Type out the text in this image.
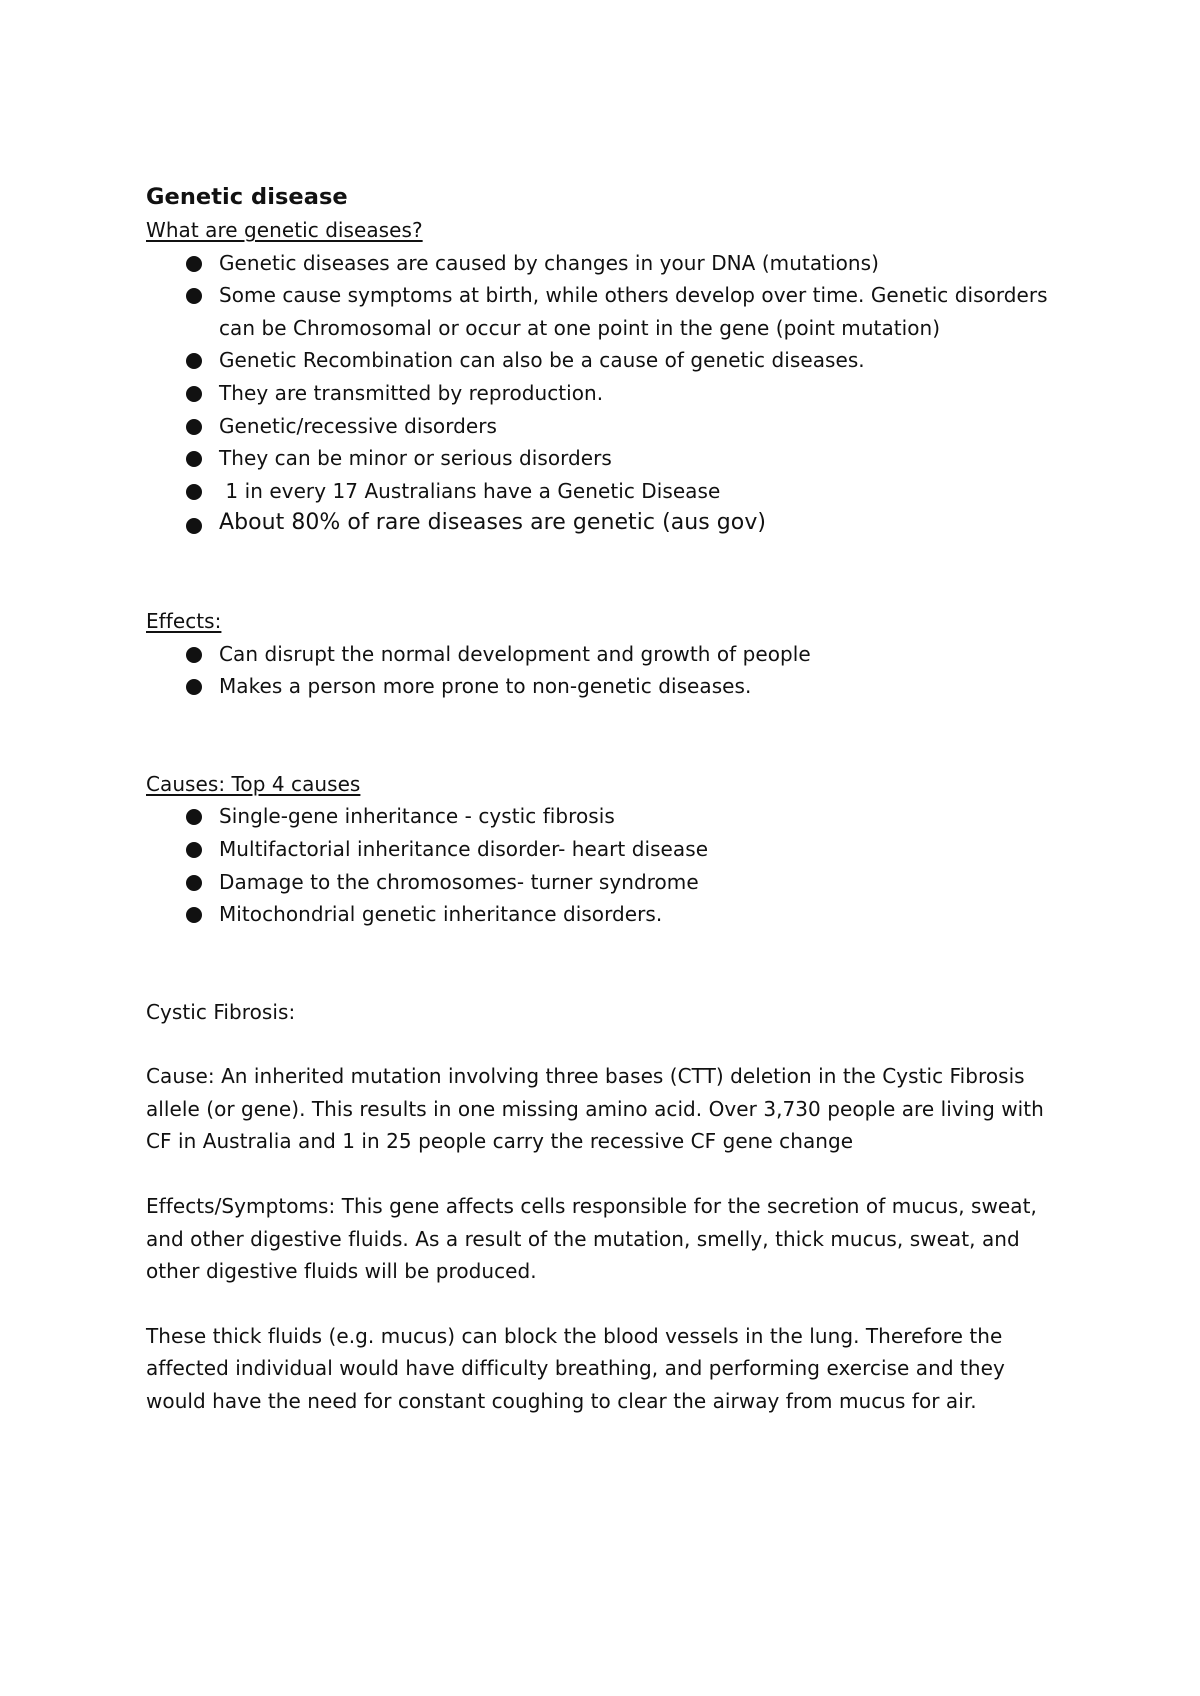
Genetic disease
What are genetic diseases?
Genetic diseases are caused by changes in your DNA (mutations)
Some cause symptoms at birth, while others develop over time. Genetic disorders can be Chromosomal or occur at one point in the gene (point mutation)
Genetic Recombination can also be a cause of genetic diseases.
They are transmitted by reproduction.
Genetic/recessive disorders
They can be minor or serious disorders
1 in every 17 Australians have a Genetic Disease
About 80% of rare diseases are genetic (aus gov)
Effects:
Can disrupt the normal development and growth of people
Makes a person more prone to non-genetic diseases.
Causes: Top 4 causes
Single-gene inheritance - cystic fibrosis
Multifactorial inheritance disorder- heart disease
Damage to the chromosomes- turner syndrome
Mitochondrial genetic inheritance disorders.

Cystic Fibrosis:

Cause: An inherited mutation involving three bases (CTT) deletion in the Cystic Fibrosis allele (or gene). This results in one missing amino acid. Over 3,730 people are living with CF in Australia and 1 in 25 people carry the recessive CF gene change

Effects/Symptoms: This gene affects cells responsible for the secretion of mucus, sweat, and other digestive fluids. As a result of the mutation, smelly, thick mucus, sweat, and other digestive fluids will be produced.

These thick fluids (e.g. mucus) can block the blood vessels in the lung. Therefore the affected individual would have difficulty breathing, and performing exercise and they would have the need for constant coughing to clear the airway from mucus for air.
